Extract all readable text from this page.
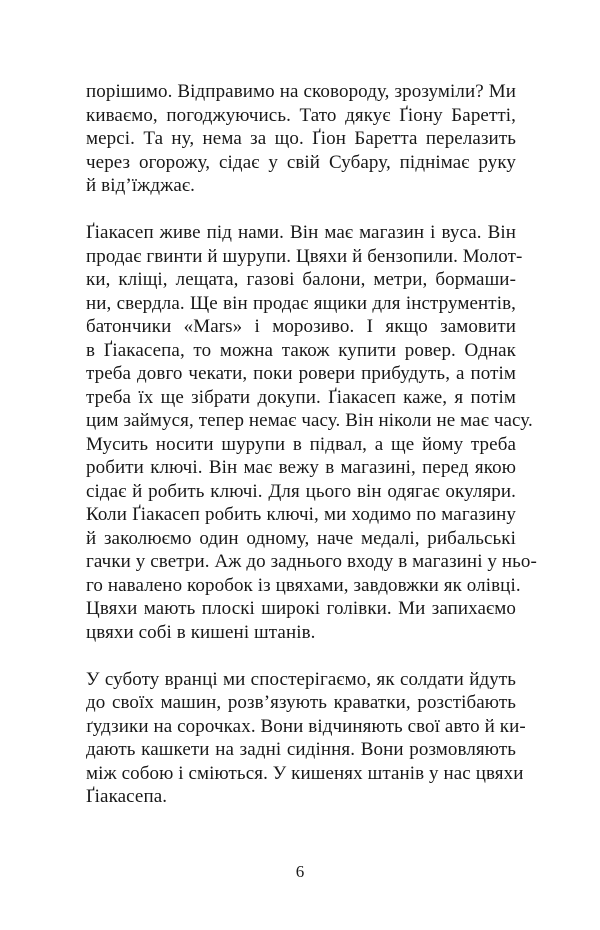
порішимо. Відправимо на сковороду, зрозуміли? Ми
киваємо, погоджуючись. Тато дякує Ґіону Баретті,
мерсі. Та ну, нема за що. Ґіон Баретта перелазить
через огорожу, сідає у свій Субару, піднімає руку
й від’їжджає.
Ґіакасеп живе під нами. Він має магазин і вуса. Він
продає гвинти й шурупи. Цвяхи й бензопили. Молот-
ки, кліщі, лещата, газові балони, метри, бормаши-
ни, свердла. Ще він продає ящики для інструментів,
батончики «Mars» і морозиво. І якщо замовити
в Ґіакасепа, то можна також купити ровер. Однак
треба довго чекати, поки ровери прибудуть, а потім
треба їх ще зібрати докупи. Ґіакасеп каже, я потім
цим займуся, тепер немає часу. Він ніколи не має часу.
Мусить носити шурупи в підвал, а ще йому треба
робити ключі. Він має вежу в магазині, перед якою
сідає й робить ключі. Для цього він одягає окуляри.
Коли Ґіакасеп робить ключі, ми ходимо по магазину
й заколюємо один одному, наче медалі, рибальські
гачки у светри. Аж до заднього входу в магазині у ньо-
го навалено коробок із цвяхами, завдовжки як олівці.
Цвяхи мають плоскі широкі голівки. Ми запихаємо
цвяхи собі в кишені штанів.
У суботу вранці ми спостерігаємо, як солдати йдуть
до своїх машин, розв’язують краватки, розстібають
ґудзики на сорочках. Вони відчиняють свої авто й ки-
дають кашкети на задні сидіння. Вони розмовляють
між собою і сміються. У кишенях штанів у нас цвяхи
Ґіакасепа.
6
